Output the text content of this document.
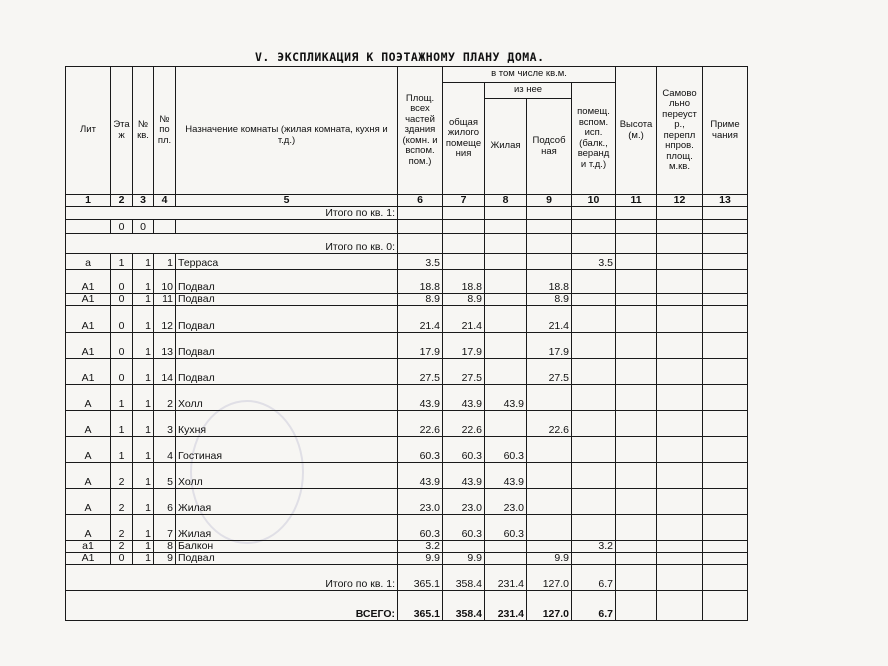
V. ЭКСПЛИКАЦИЯ К ПОЭТАЖНОМУ ПЛАНУ ДОМА.
Лит	Эта ж	№ кв.	№ по пл.	Назначение комнаты (жилая комната, кухня и т.д.)	Площ. всех частей здания (комн. и вспом. пом.)	в том числе кв.м.				Высота (м.)	Самово льно переуст р., перепл нпров. площ. м.кв.	Приме чания
						общая жилого помеще ния	из нее		помещ. вспом. исп. (балк., веранд и т.д.)			
							Жилая	Подсоб ная				
1	2	3	4	5	6	7	8	9	10	11	12	13
Итого по кв. 1:												
	0	0										
Итого по кв. 0:												
а	1	1	1	Терраса	3.5				3.5			
А1	0	1	10	Подвал	18.8	18.8		18.8				
А1	0	1	11	Подвал	8.9	8.9		8.9				
А1	0	1	12	Подвал	21.4	21.4		21.4				
А1	0	1	13	Подвал	17.9	17.9		17.9				
А1	0	1	14	Подвал	27.5	27.5		27.5				
А	1	1	2	Холл	43.9	43.9	43.9					
А	1	1	3	Кухня	22.6	22.6		22.6				
А	1	1	4	Гостиная	60.3	60.3	60.3					
А	2	1	5	Холл	43.9	43.9	43.9					
А	2	1	6	Жилая	23.0	23.0	23.0					
А	2	1	7	Жилая	60.3	60.3	60.3					
а1	2	1	8	Балкон	3.2				3.2			
А1	0	1	9	Подвал	9.9	9.9		9.9				
Итого по кв. 1:					365.1	358.4	231.4	127.0	6.7			
ВСЕГО:					365.1	358.4	231.4	127.0	6.7			
